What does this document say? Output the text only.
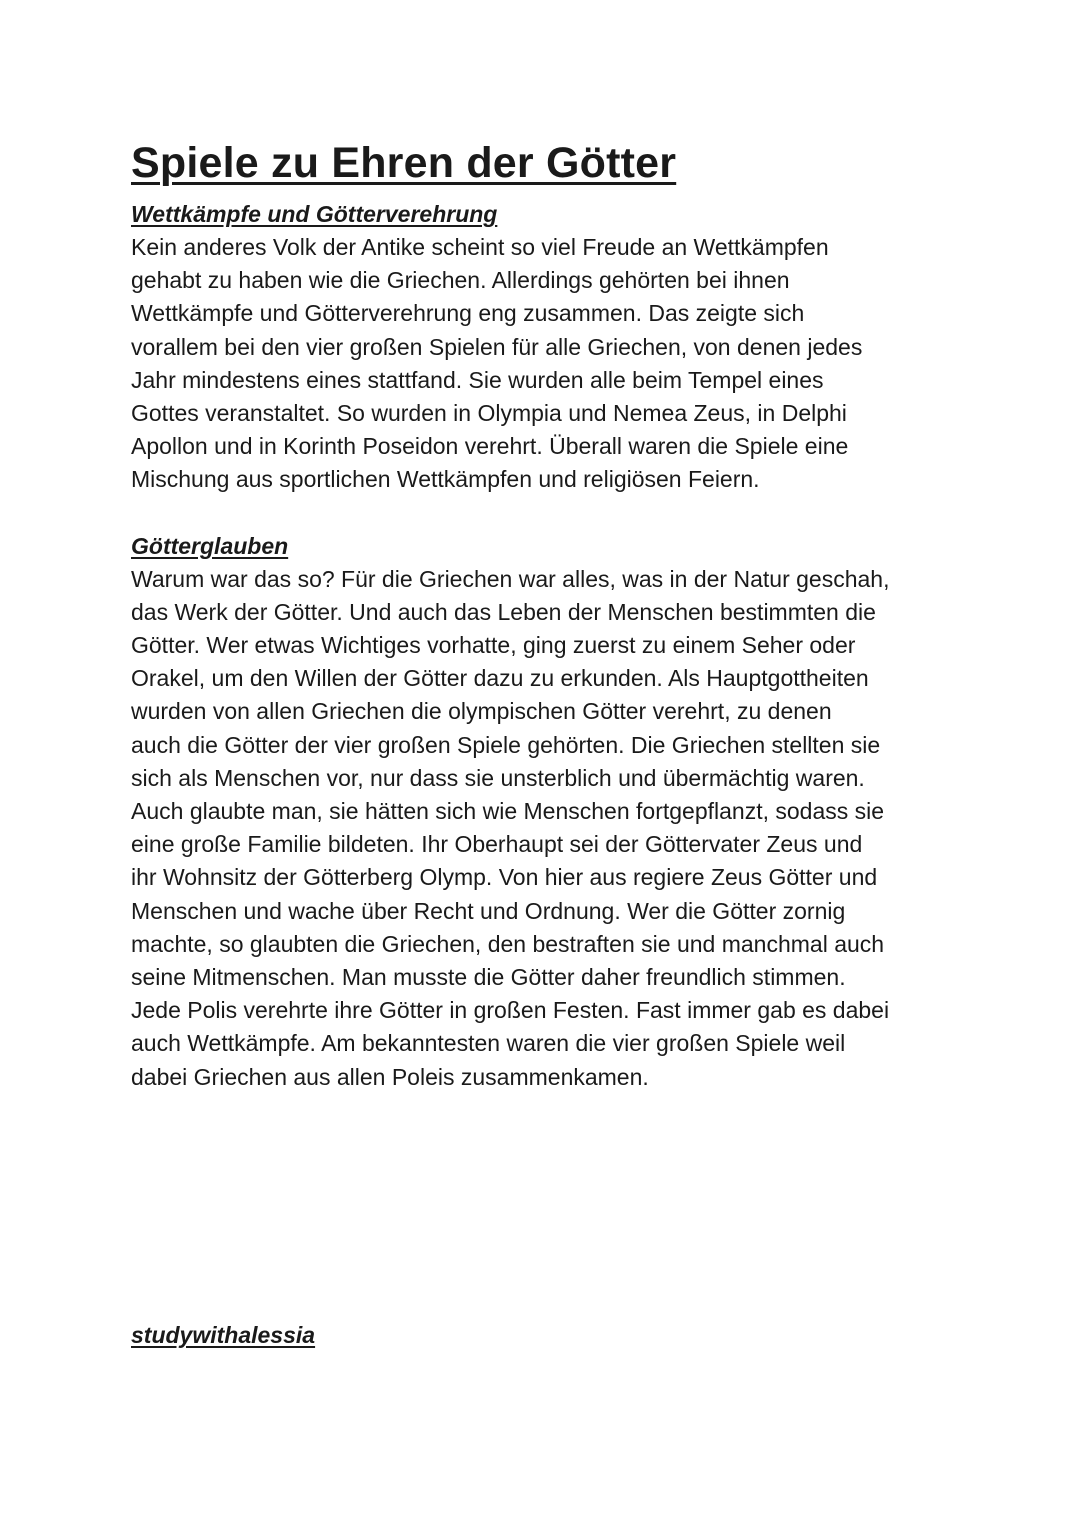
Spiele zu Ehren der Götter
Wettkämpfe und Götterverehrung

Kein anderes Volk der Antike scheint so viel Freude an Wettkämpfen
gehabt zu haben wie die Griechen. Allerdings gehörten bei ihnen
Wettkämpfe und Götterverehrung eng zusammen. Das zeigte sich
vorallem bei den vier großen Spielen für alle Griechen, von denen jedes
Jahr mindestens eines stattfand. Sie wurden alle beim Tempel eines
Gottes veranstaltet. So wurden in Olympia und Nemea Zeus, in Delphi
Apollon und in Korinth Poseidon verehrt. Überall waren die Spiele eine
Mischung aus sportlichen Wettkämpfen und religiösen Feiern.

Götterglauben

Warum war das so? Für die Griechen war alles, was in der Natur geschah,
das Werk der Götter. Und auch das Leben der Menschen bestimmten die
Götter. Wer etwas Wichtiges vorhatte, ging zuerst zu einem Seher oder
Orakel, um den Willen der Götter dazu zu erkunden. Als Hauptgottheiten
wurden von allen Griechen die olympischen Götter verehrt, zu denen
auch die Götter der vier großen Spiele gehörten. Die Griechen stellten sie
sich als Menschen vor, nur dass sie unsterblich und übermächtig waren.
Auch glaubte man, sie hätten sich wie Menschen fortgepflanzt, sodass sie
eine große Familie bildeten. Ihr Oberhaupt sei der Göttervater Zeus und
ihr Wohnsitz der Götterberg Olymp. Von hier aus regiere Zeus Götter und
Menschen und wache über Recht und Ordnung. Wer die Götter zornig
machte, so glaubten die Griechen, den bestraften sie und manchmal auch
seine Mitmenschen. Man musste die Götter daher freundlich stimmen.
Jede Polis verehrte ihre Götter in großen Festen. Fast immer gab es dabei
auch Wettkämpfe. Am bekanntesten waren die vier großen Spiele weil
dabei Griechen aus allen Poleis zusammenkamen.

studywithalessia
